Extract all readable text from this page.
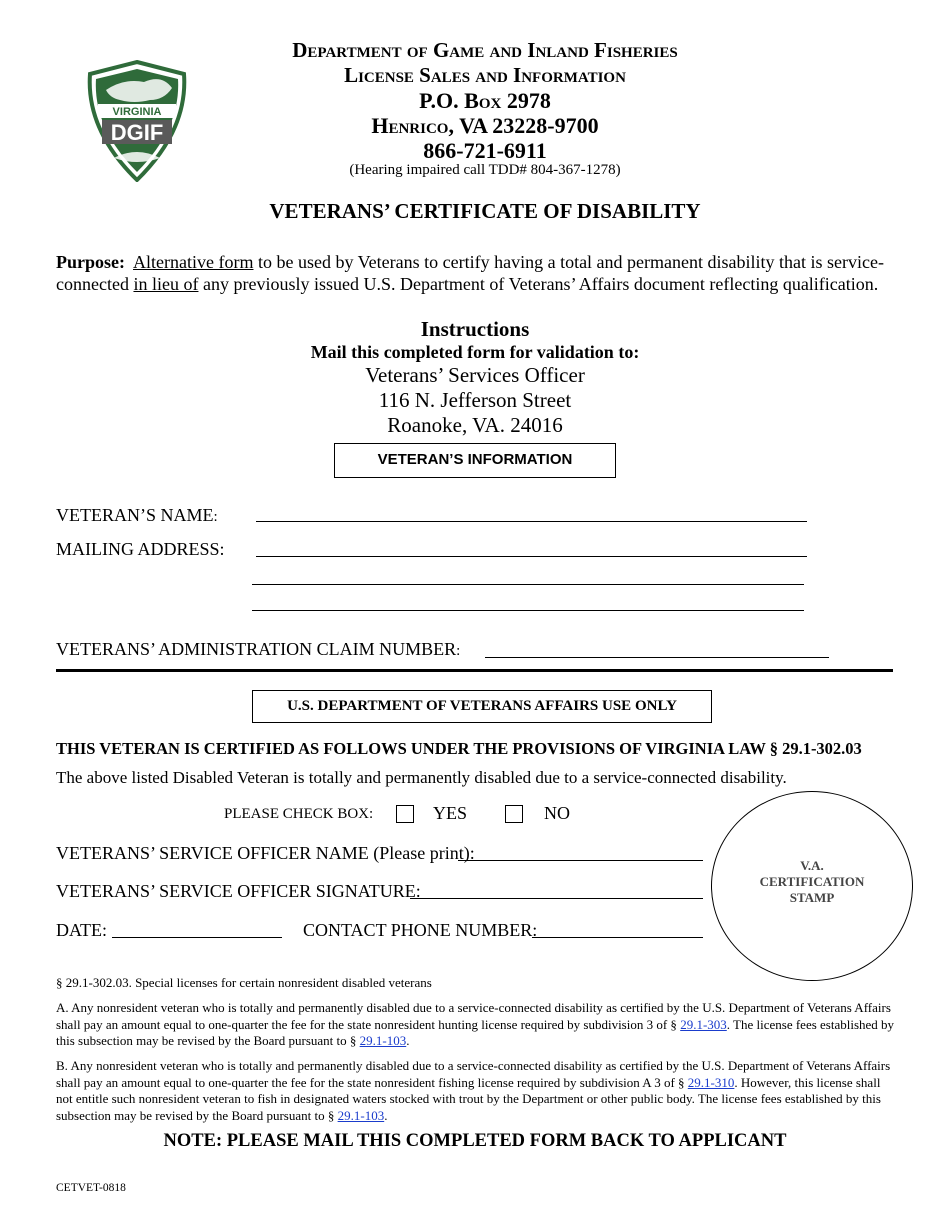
VIRGINIA
DGIF
Department of Game and Inland Fisheries
License Sales and Information
P.O. Box 2978
Henrico, VA 23228-9700
866-721-6911
(Hearing impaired call TDD# 804-367-1278)
VETERANS’ CERTIFICATE OF DISABILITY
Purpose: Alternative form to be used by Veterans to certify having a total and permanent disability that is service-connected in lieu of any previously issued U.S. Department of Veterans’ Affairs document reflecting qualification.
Instructions
Mail this completed form for validation to:
Veterans’ Services Officer
116 N. Jefferson Street
Roanoke, VA. 24016
VETERAN’S INFORMATION
VETERAN’S NAME:
MAILING ADDRESS:
VETERANS’ ADMINISTRATION CLAIM NUMBER:
U.S. DEPARTMENT OF VETERANS AFFAIRS USE ONLY
THIS VETERAN IS CERTIFIED AS FOLLOWS UNDER THE PROVISIONS OF VIRGINIA LAW § 29.1-302.03
The above listed Disabled Veteran is totally and permanently disabled due to a service-connected disability.
PLEASE CHECK BOX:	YES	NO
VETERANS’ SERVICE OFFICER NAME (Please print):
VETERANS’ SERVICE OFFICER SIGNATURE:
DATE:	CONTACT PHONE NUMBER:
V.A.
CERTIFICATION
STAMP
§ 29.1-302.03. Special licenses for certain nonresident disabled veterans
A. Any nonresident veteran who is totally and permanently disabled due to a service-connected disability as certified by the U.S. Department of Veterans Affairs shall pay an amount equal to one-quarter the fee for the state nonresident hunting license required by subdivision 3 of § 29.1-303. The license fees established by this subsection may be revised by the Board pursuant to § 29.1-103.
B. Any nonresident veteran who is totally and permanently disabled due to a service-connected disability as certified by the U.S. Department of Veterans Affairs shall pay an amount equal to one-quarter the fee for the state nonresident fishing license required by subdivision A 3 of § 29.1-310. However, this license shall not entitle such nonresident veteran to fish in designated waters stocked with trout by the Department or other public body. The license fees established by this subsection may be revised by the Board pursuant to § 29.1-103.
NOTE: PLEASE MAIL THIS COMPLETED FORM BACK TO APPLICANT
CETVET-0818
